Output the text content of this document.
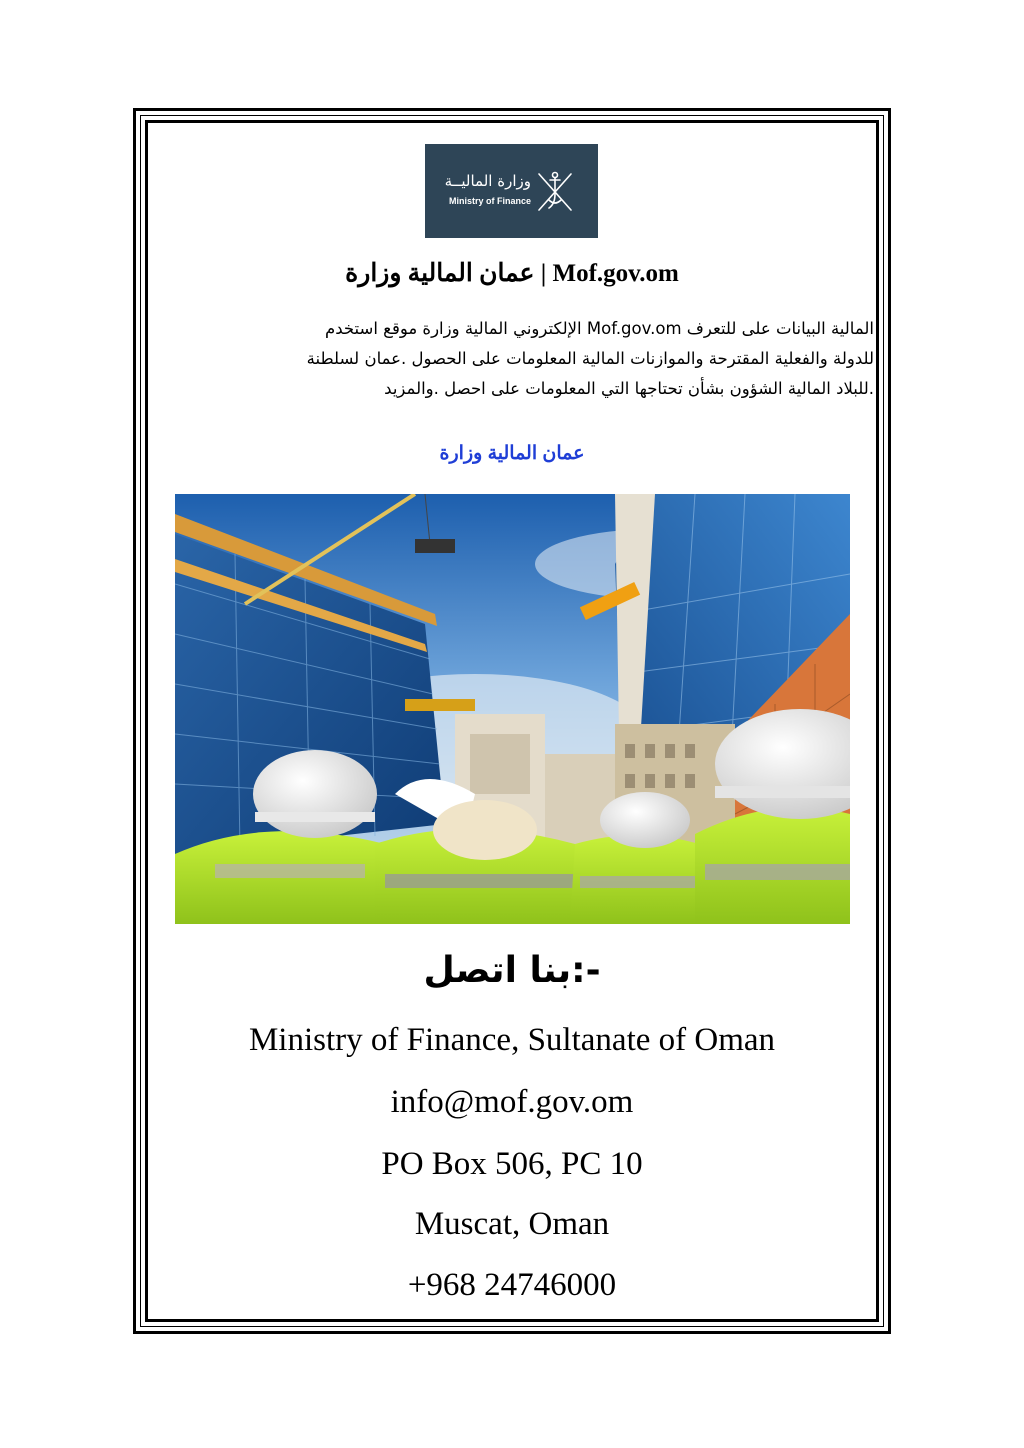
وزارة الماليــة
Ministry of Finance
Mof.gov.om | عمان المالية وزارة
المالية البيانات على للتعرف Mof.gov.om الإلكتروني المالية وزارة موقع استخدم
للدولة والفعلية المقترحة والموازنات المالية المعلومات على الحصول .عمان لسلطنة
.للبلاد المالية الشؤون بشأن تحتاجها التي المعلومات على احصل .والمزيد
عمان المالية وزارة
-:بنا اتصل
Ministry of Finance, Sultanate of Oman
info@mof.gov.om
PO Box 506, PC 10
Muscat, Oman
+968 24746000
